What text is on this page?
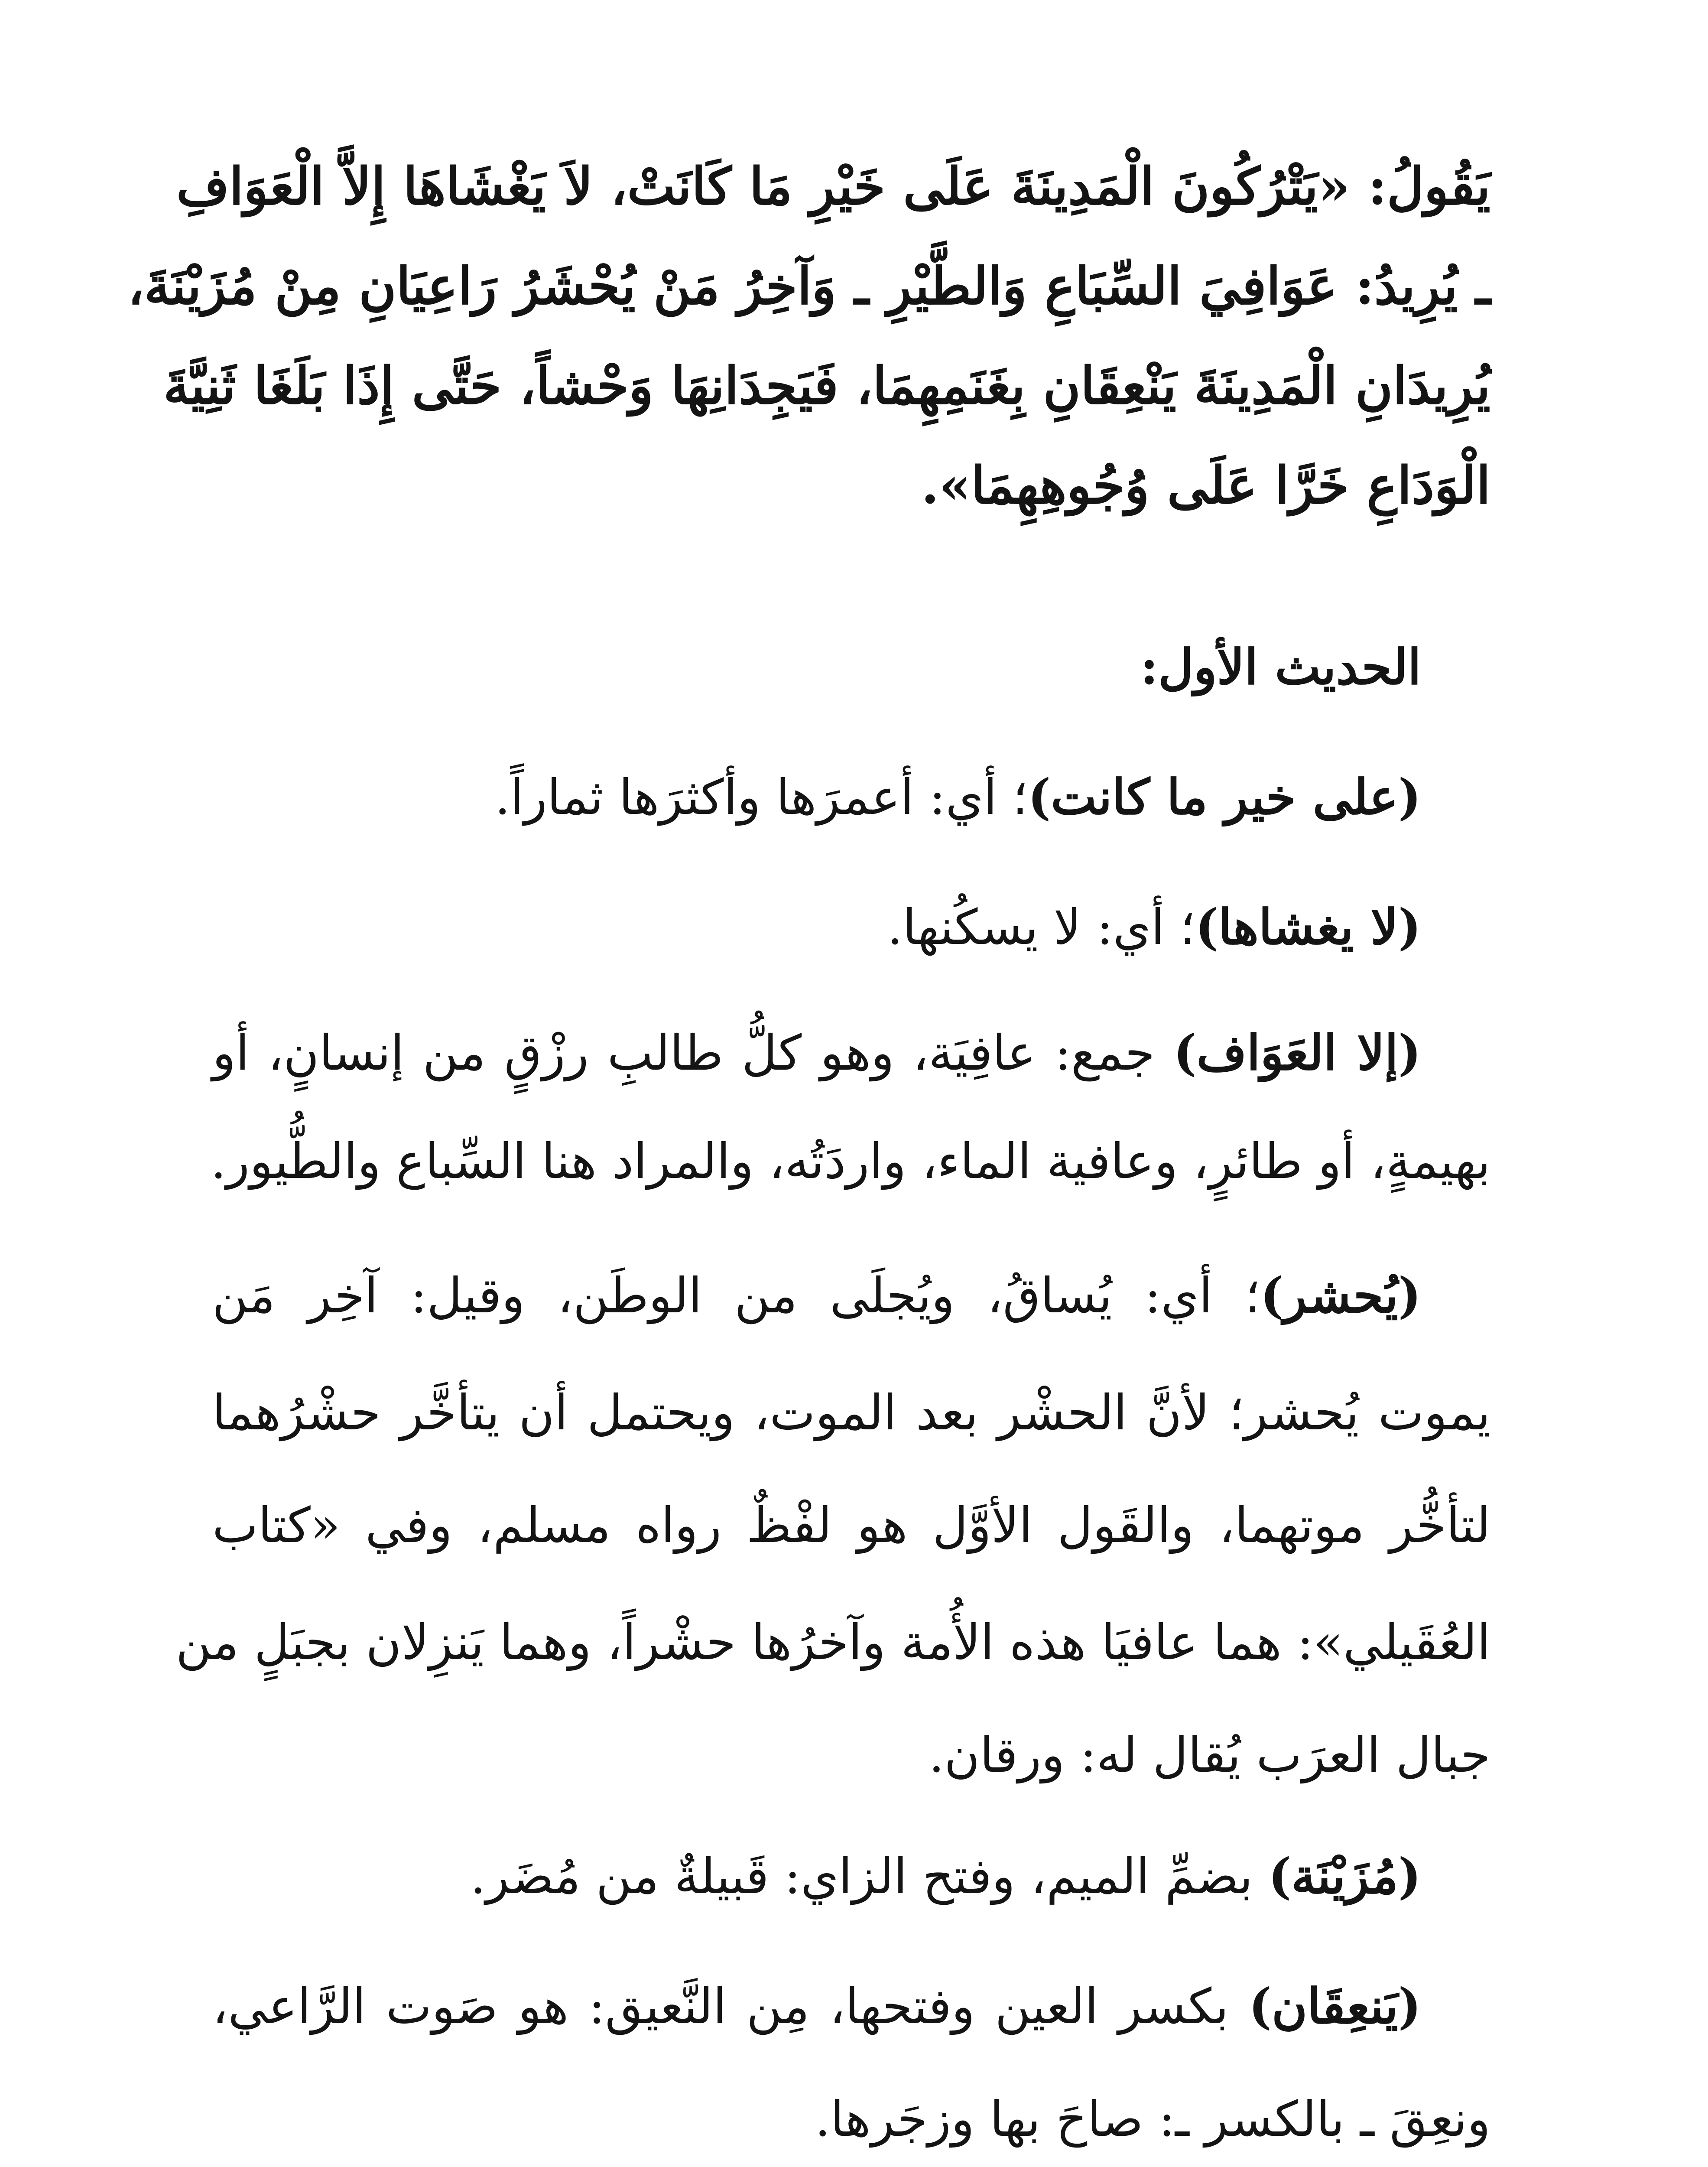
يَقُولُ: «يَتْرُكُونَ الْمَدِينَةَ عَلَى خَيْرِ مَا كَانَتْ، لاَ يَغْشَاهَا إِلاَّ الْعَوَافِ
ـ يُرِيدُ: عَوَافِيَ السِّبَاعِ وَالطَّيْرِ ـ وَآخِرُ مَنْ يُحْشَرُ رَاعِيَانِ مِنْ مُزَيْنَةَ،
يُرِيدَانِ الْمَدِينَةَ يَنْعِقَانِ بِغَنَمِهِمَا، فَيَجِدَانِهَا وَحْشاً، حَتَّى إِذَا بَلَغَا ثَنِيَّةَ
الْوَدَاعِ خَرَّا عَلَى وُجُوهِهِمَا».
الحديث الأول:
(على خير ما كانت)؛ أي: أعمرَها وأكثرَها ثماراً.
(لا يغشاها)؛ أي: لا يسكُنها.
(إلا العَوَاف) جمع: عافِيَة، وهو كلُّ طالبِ رزْقٍ من إنسانٍ، أو
بهيمةٍ، أو طائرٍ، وعافية الماء، واردَتُه، والمراد هنا السِّباع والطُّيور.
(يُحشر)؛ أي: يُساقُ، ويُجلَى من الوطَن، وقيل: آخِر مَن
يموت يُحشر؛ لأنَّ الحشْر بعد الموت، ويحتمل أن يتأخَّر حشْرُهما
لتأخُّر موتهما، والقَول الأوَّل هو لفْظٌ رواه مسلم، وفي «كتاب
العُقَيلي»: هما عافيَا هذه الأُمة وآخرُها حشْراً، وهما يَنزِلان بجبَلٍ من
جبال العرَب يُقال له: ورقان.
(مُزَيْنَة) بضمِّ الميم، وفتح الزاي: قَبيلةٌ من مُضَر.
(يَنعِقَان) بكسر العين وفتحها، مِن النَّعيق: هو صَوت الرَّاعي،
ونعِقَ ـ بالكسر ـ: صاحَ بها وزجَرها.
